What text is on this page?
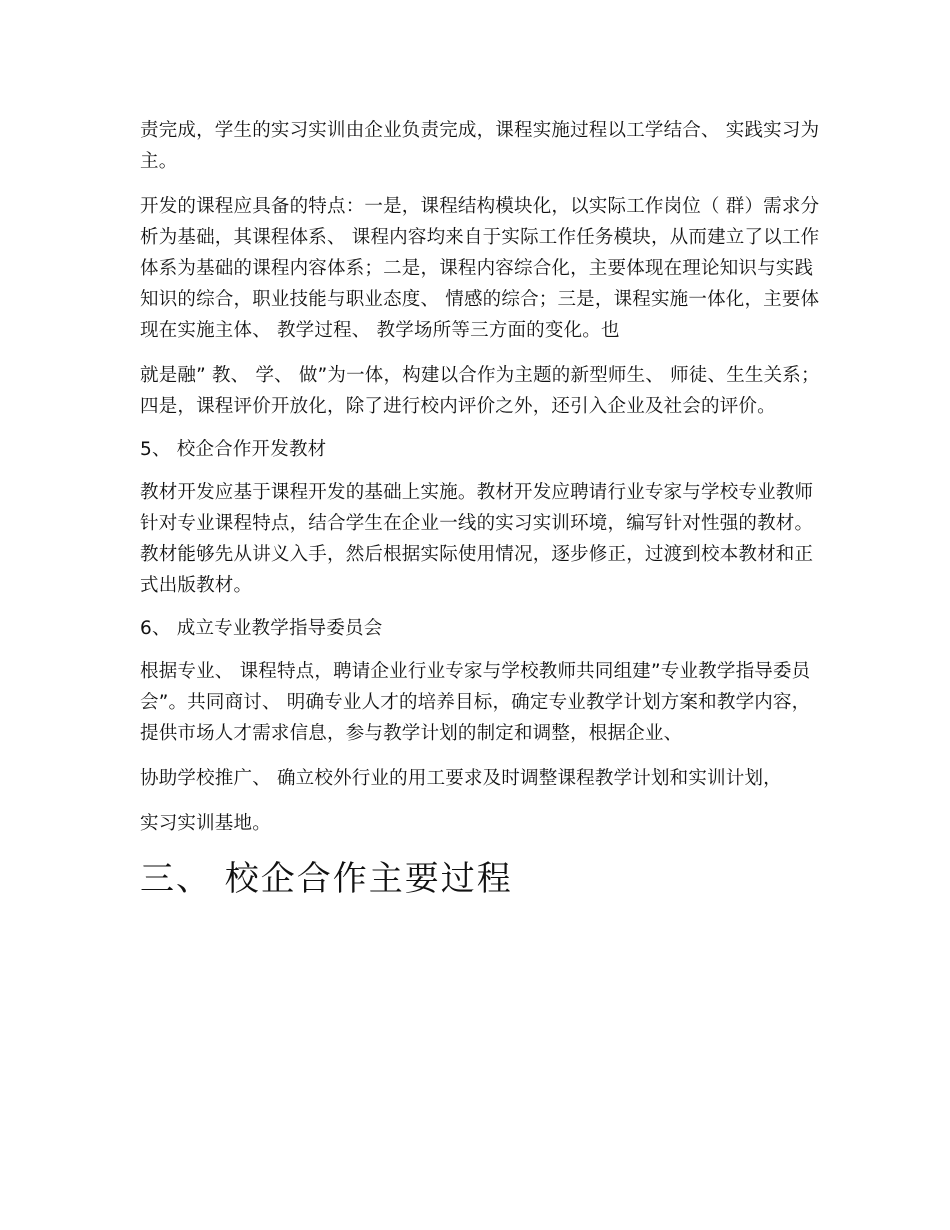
责完成，学生的实习实训由企业负责完成，课程实施过程以工学结合、 实践实习为主。

开发的课程应具备的特点：一是，课程结构模块化，以实际工作岗位（ 群）需求分析为基础，其课程体系、 课程内容均来自于实际工作任务模块，从而建立了以工作体系为基础的课程内容体系；二是，课程内容综合化，主要体现在理论知识与实践知识的综合，职业技能与职业态度、 情感的综合；三是，课程实施一体化，主要体现在实施主体、 教学过程、 教学场所等三方面的变化。也

就是融” 教、 学、 做”为一体，构建以合作为主题的新型师生、 师徒、生生关系；四是，课程评价开放化，除了进行校内评价之外，还引入企业及社会的评价。

5、 校企合作开发教材

教材开发应基于课程开发的基础上实施。教材开发应聘请行业专家与学校专业教师针对专业课程特点，结合学生在企业一线的实习实训环境，编写针对性强的教材。教材能够先从讲义入手，然后根据实际使用情况，逐步修正，过渡到校本教材和正式出版教材。

6、 成立专业教学指导委员会

根据专业、 课程特点，聘请企业行业专家与学校教师共同组建”专业教学指导委员会”。共同商讨、 明确专业人才的培养目标，确定专业教学计划方案和教学内容，提供市场人才需求信息，参与教学计划的制定和调整，根据企业、

协助学校推广、 确立校外行业的用工要求及时调整课程教学计划和实训计划，

实习实训基地。

三、 校企合作主要过程
